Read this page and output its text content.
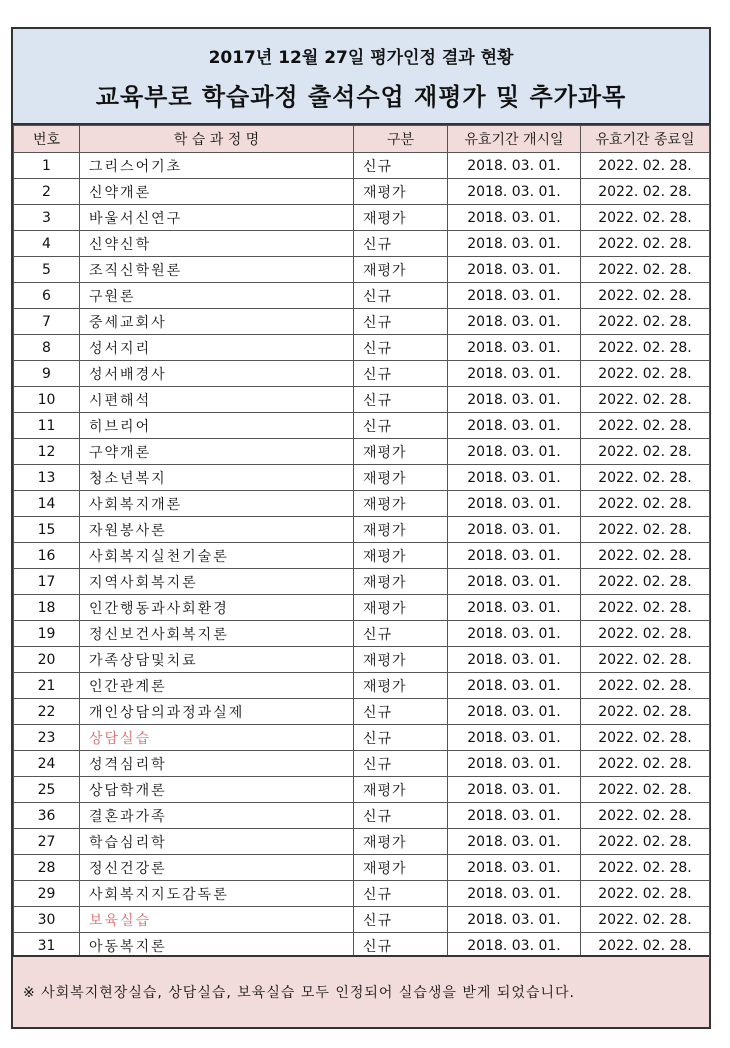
2017년 12월 27일 평가인정 결과 현황
교육부로 학습과정 출석수업 재평가 및 추가과목
번호	학 습 과 정 명	구분	유효기간 개시일	유효기간 종료일
1	그리스어기초	신규	2018. 03. 01.	2022. 02. 28.
2	신약개론	재평가	2018. 03. 01.	2022. 02. 28.
3	바울서신연구	재평가	2018. 03. 01.	2022. 02. 28.
4	신약신학	신규	2018. 03. 01.	2022. 02. 28.
5	조직신학원론	재평가	2018. 03. 01.	2022. 02. 28.
6	구원론	신규	2018. 03. 01.	2022. 02. 28.
7	중세교회사	신규	2018. 03. 01.	2022. 02. 28.
8	성서지리	신규	2018. 03. 01.	2022. 02. 28.
9	성서배경사	신규	2018. 03. 01.	2022. 02. 28.
10	시편해석	신규	2018. 03. 01.	2022. 02. 28.
11	히브리어	신규	2018. 03. 01.	2022. 02. 28.
12	구약개론	재평가	2018. 03. 01.	2022. 02. 28.
13	청소년복지	재평가	2018. 03. 01.	2022. 02. 28.
14	사회복지개론	재평가	2018. 03. 01.	2022. 02. 28.
15	자원봉사론	재평가	2018. 03. 01.	2022. 02. 28.
16	사회복지실천기술론	재평가	2018. 03. 01.	2022. 02. 28.
17	지역사회복지론	재평가	2018. 03. 01.	2022. 02. 28.
18	인간행동과사회환경	재평가	2018. 03. 01.	2022. 02. 28.
19	정신보건사회복지론	신규	2018. 03. 01.	2022. 02. 28.
20	가족상담및치료	재평가	2018. 03. 01.	2022. 02. 28.
21	인간관계론	재평가	2018. 03. 01.	2022. 02. 28.
22	개인상담의과정과실제	신규	2018. 03. 01.	2022. 02. 28.
23	상담실습	신규	2018. 03. 01.	2022. 02. 28.
24	성격심리학	신규	2018. 03. 01.	2022. 02. 28.
25	상담학개론	재평가	2018. 03. 01.	2022. 02. 28.
36	결혼과가족	신규	2018. 03. 01.	2022. 02. 28.
27	학습심리학	재평가	2018. 03. 01.	2022. 02. 28.
28	정신건강론	재평가	2018. 03. 01.	2022. 02. 28.
29	사회복지지도감독론	신규	2018. 03. 01.	2022. 02. 28.
30	보육실습	신규	2018. 03. 01.	2022. 02. 28.
31	아동복지론	신규	2018. 03. 01.	2022. 02. 28.
※ 사회복지현장실습, 상담실습, 보육실습 모두 인정되어 실습생을 받게 되었습니다.
